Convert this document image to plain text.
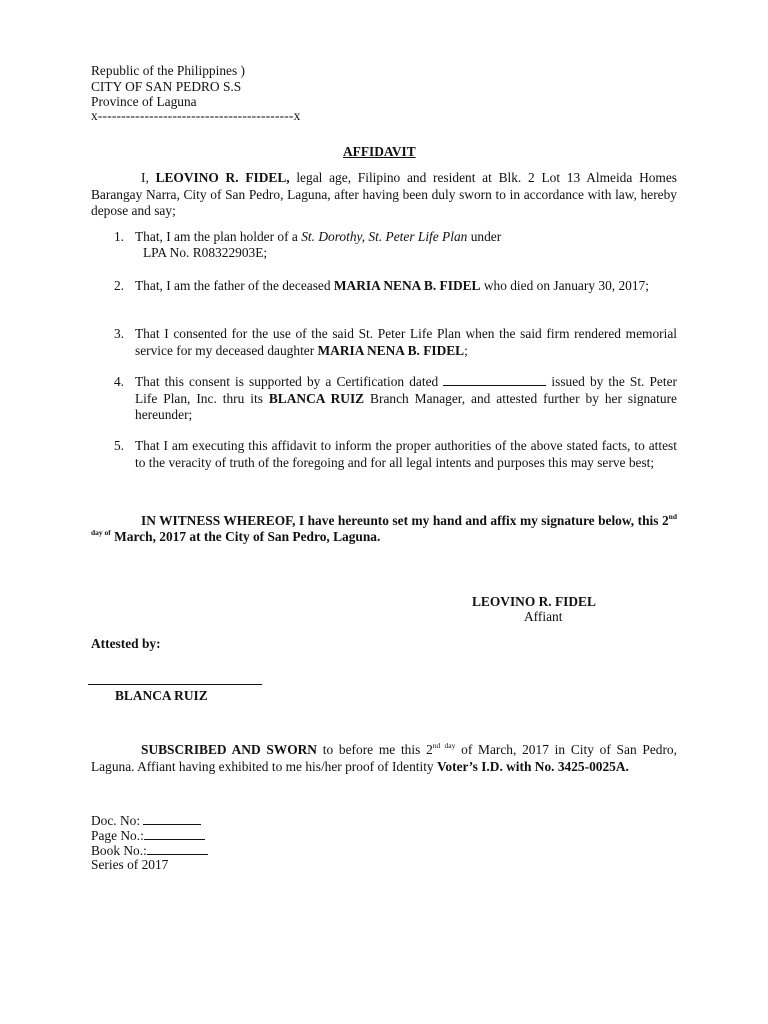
Republic of the Philippines )
CITY OF SAN PEDRO S.S
Province of Laguna
x------------------------------------------x
AFFIDAVIT
I, LEOVINO R. FIDEL, legal age, Filipino and resident at Blk. 2 Lot 13 Almeida Homes Barangay Narra, City of San Pedro, Laguna, after having been duly sworn to in accordance with law, hereby depose and say;
1. That, I am the plan holder of a St. Dorothy, St. Peter Life Plan under
LPA No. R08322903E;
2. That, I am the father of the deceased MARIA NENA B. FIDEL who died on January 30, 2017;
3. That I consented for the use of the said St. Peter Life Plan when the said firm rendered memorial service for my deceased daughter MARIA NENA B. FIDEL;
4. That this consent is supported by a Certification dated	issued by the St. Peter Life Plan, Inc. thru its BLANCA RUIZ Branch Manager, and attested further by her signature hereunder;
5. That I am executing this affidavit to inform the proper authorities of the above stated facts, to attest to the veracity of truth of the foregoing and for all legal intents and purposes this may serve best;
IN WITNESS WHEREOF, I have hereunto set my hand and affix my signature below, this $2^{nd day of}$ March, 2017 at the City of San Pedro, Laguna.
LEOVINO R. FIDEL
Affiant
Attested by:
BLANCA RUIZ
SUBSCRIBED AND SWORN to before me this $2^{nd day}$ of March, 2017 in City of San Pedro, Laguna. Affiant having exhibited to me his/her proof of Identity Voter’s I.D. with No. 3425-0025A.
Doc. No:
Page No.:
Book No.:
Series of 2017
